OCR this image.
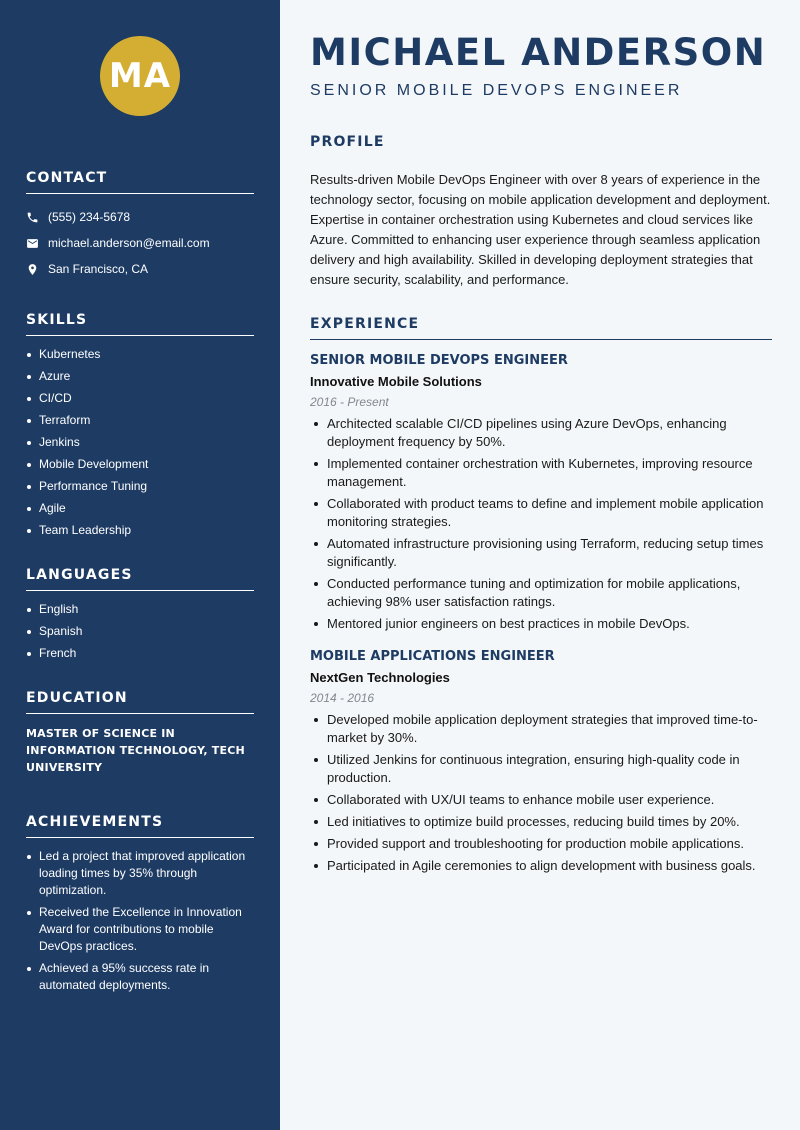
MA
CONTACT
(555) 234-5678
michael.anderson@email.com
San Francisco, CA
SKILLS
Kubernetes
Azure
CI/CD
Terraform
Jenkins
Mobile Development
Performance Tuning
Agile
Team Leadership
LANGUAGES
English
Spanish
French
EDUCATION
MASTER OF SCIENCE IN INFORMATION TECHNOLOGY, TECH UNIVERSITY
ACHIEVEMENTS
Led a project that improved application loading times by 35% through optimization.
Received the Excellence in Innovation Award for contributions to mobile DevOps practices.
Achieved a 95% success rate in automated deployments.
MICHAEL ANDERSON
SENIOR MOBILE DEVOPS ENGINEER
PROFILE

Results-driven Mobile DevOps Engineer with over 8 years of experience in the technology sector, focusing on mobile application development and deployment. Expertise in container orchestration using Kubernetes and cloud services like Azure. Committed to enhancing user experience through seamless application delivery and high availability. Skilled in developing deployment strategies that ensure security, scalability, and performance.

EXPERIENCE
SENIOR MOBILE DEVOPS ENGINEER
Innovative Mobile Solutions
2016 - Present
Architected scalable CI/CD pipelines using Azure DevOps, enhancing deployment frequency by 50%.
Implemented container orchestration with Kubernetes, improving resource management.
Collaborated with product teams to define and implement mobile application monitoring strategies.
Automated infrastructure provisioning using Terraform, reducing setup times significantly.
Conducted performance tuning and optimization for mobile applications, achieving 98% user satisfaction ratings.
Mentored junior engineers on best practices in mobile DevOps.
MOBILE APPLICATIONS ENGINEER
NextGen Technologies
2014 - 2016
Developed mobile application deployment strategies that improved time-to-market by 30%.
Utilized Jenkins for continuous integration, ensuring high-quality code in production.
Collaborated with UX/UI teams to enhance mobile user experience.
Led initiatives to optimize build processes, reducing build times by 20%.
Provided support and troubleshooting for production mobile applications.
Participated in Agile ceremonies to align development with business goals.
